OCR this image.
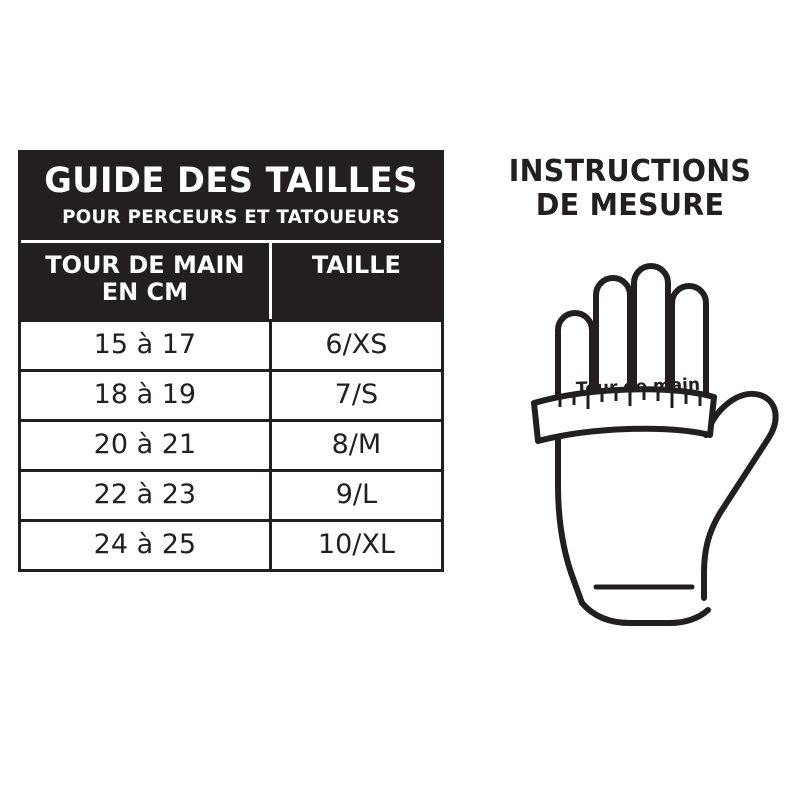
GUIDE DES TAILLES
POUR PERCEURS ET TATOUEURS
TOUR DE MAIN
EN CM
TAILLE
15 à 17	6/XS
18 à 19	7/S
20 à 21	8/M
22 à 23	9/L
24 à 25	10/XL
INSTRUCTIONS
DE MESURE
Tour de main
